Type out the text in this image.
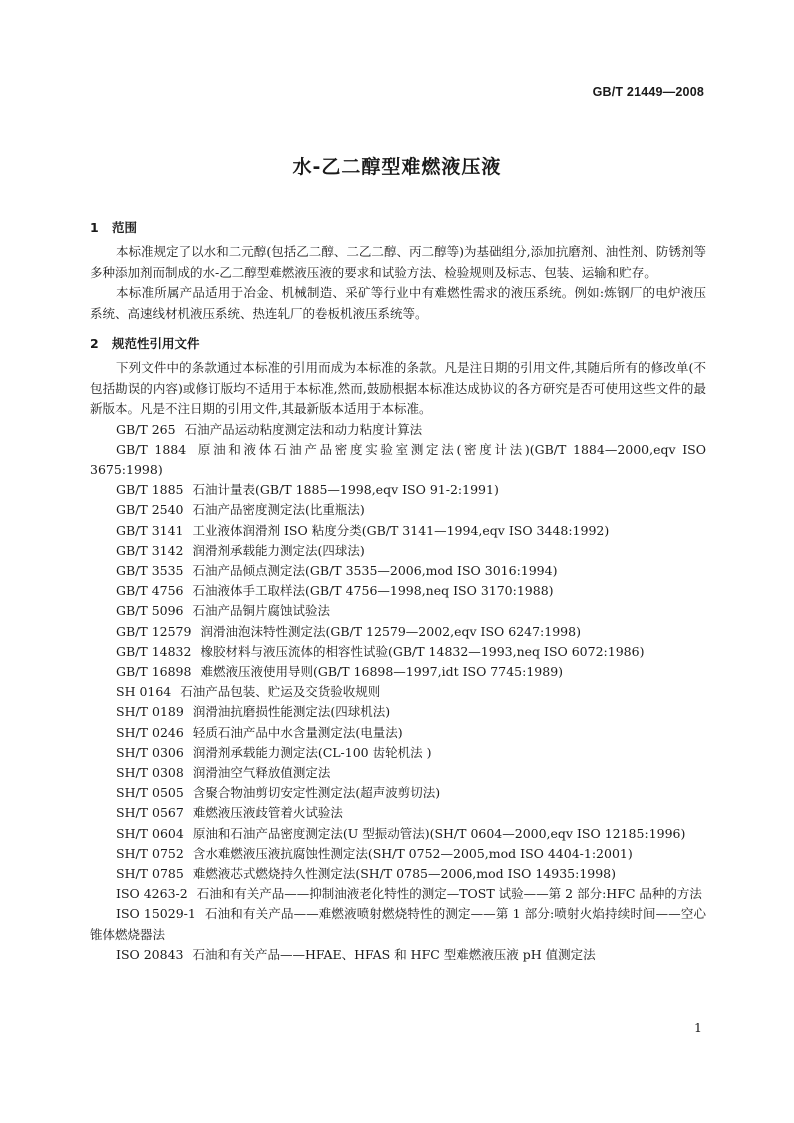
GB/T 21449—2008
水-乙二醇型难燃液压液
1 范围

本标准规定了以水和二元醇(包括乙二醇、二乙二醇、丙二醇等)为基础组分,添加抗磨剂、油性剂、防锈剂等多种添加剂而制成的水-乙二醇型难燃液压液的要求和试验方法、检验规则及标志、包装、运输和贮存。

本标准所属产品适用于冶金、机械制造、采矿等行业中有难燃性需求的液压系统。例如:炼钢厂的电炉液压系统、高速线材机液压系统、热连轧厂的卷板机液压系统等。

2 规范性引用文件

下列文件中的条款通过本标准的引用而成为本标准的条款。凡是注日期的引用文件,其随后所有的修改单(不包括勘误的内容)或修订版均不适用于本标准,然而,鼓励根据本标准达成协议的各方研究是否可使用这些文件的最新版本。凡是不注日期的引用文件,其最新版本适用于本标准。

GB/T 265 石油产品运动粘度测定法和动力粘度计算法

GB/T 1884 原油和液体石油产品密度实验室测定法(密度计法)(GB/T 1884—2000,eqv ISO 3675:1998)

GB/T 1885 石油计量表(GB/T 1885—1998,eqv ISO 91-2:1991)

GB/T 2540 石油产品密度测定法(比重瓶法)

GB/T 3141 工业液体润滑剂 ISO 粘度分类(GB/T 3141—1994,eqv ISO 3448:1992)

GB/T 3142 润滑剂承载能力测定法(四球法)

GB/T 3535 石油产品倾点测定法(GB/T 3535—2006,mod ISO 3016:1994)

GB/T 4756 石油液体手工取样法(GB/T 4756—1998,neq ISO 3170:1988)

GB/T 5096 石油产品铜片腐蚀试验法

GB/T 12579 润滑油泡沫特性测定法(GB/T 12579—2002,eqv ISO 6247:1998)

GB/T 14832 橡胶材料与液压流体的相容性试验(GB/T 14832—1993,neq ISO 6072:1986)

GB/T 16898 难燃液压液使用导则(GB/T 16898—1997,idt ISO 7745:1989)

SH 0164 石油产品包装、贮运及交货验收规则

SH/T 0189 润滑油抗磨损性能测定法(四球机法)

SH/T 0246 轻质石油产品中水含量测定法(电量法)

SH/T 0306 润滑剂承载能力测定法(CL-100 齿轮机法 )

SH/T 0308 润滑油空气释放值测定法

SH/T 0505 含聚合物油剪切安定性测定法(超声波剪切法)

SH/T 0567 难燃液压液歧管着火试验法

SH/T 0604 原油和石油产品密度测定法(U 型振动管法)(SH/T 0604—2000,eqv ISO 12185:1996)

SH/T 0752 含水难燃液压液抗腐蚀性测定法(SH/T 0752—2005,mod ISO 4404-1:2001)

SH/T 0785 难燃液芯式燃烧持久性测定法(SH/T 0785—2006,mod ISO 14935:1998)

ISO 4263-2 石油和有关产品——抑制油液老化特性的测定—TOST 试验——第 2 部分:HFC 品种的方法

ISO 15029-1 石油和有关产品——难燃液喷射燃烧特性的测定——第 1 部分:喷射火焰持续时间——空心锥体燃烧器法

ISO 20843 石油和有关产品——HFAE、HFAS 和 HFC 型难燃液压液 pH 值测定法

1
